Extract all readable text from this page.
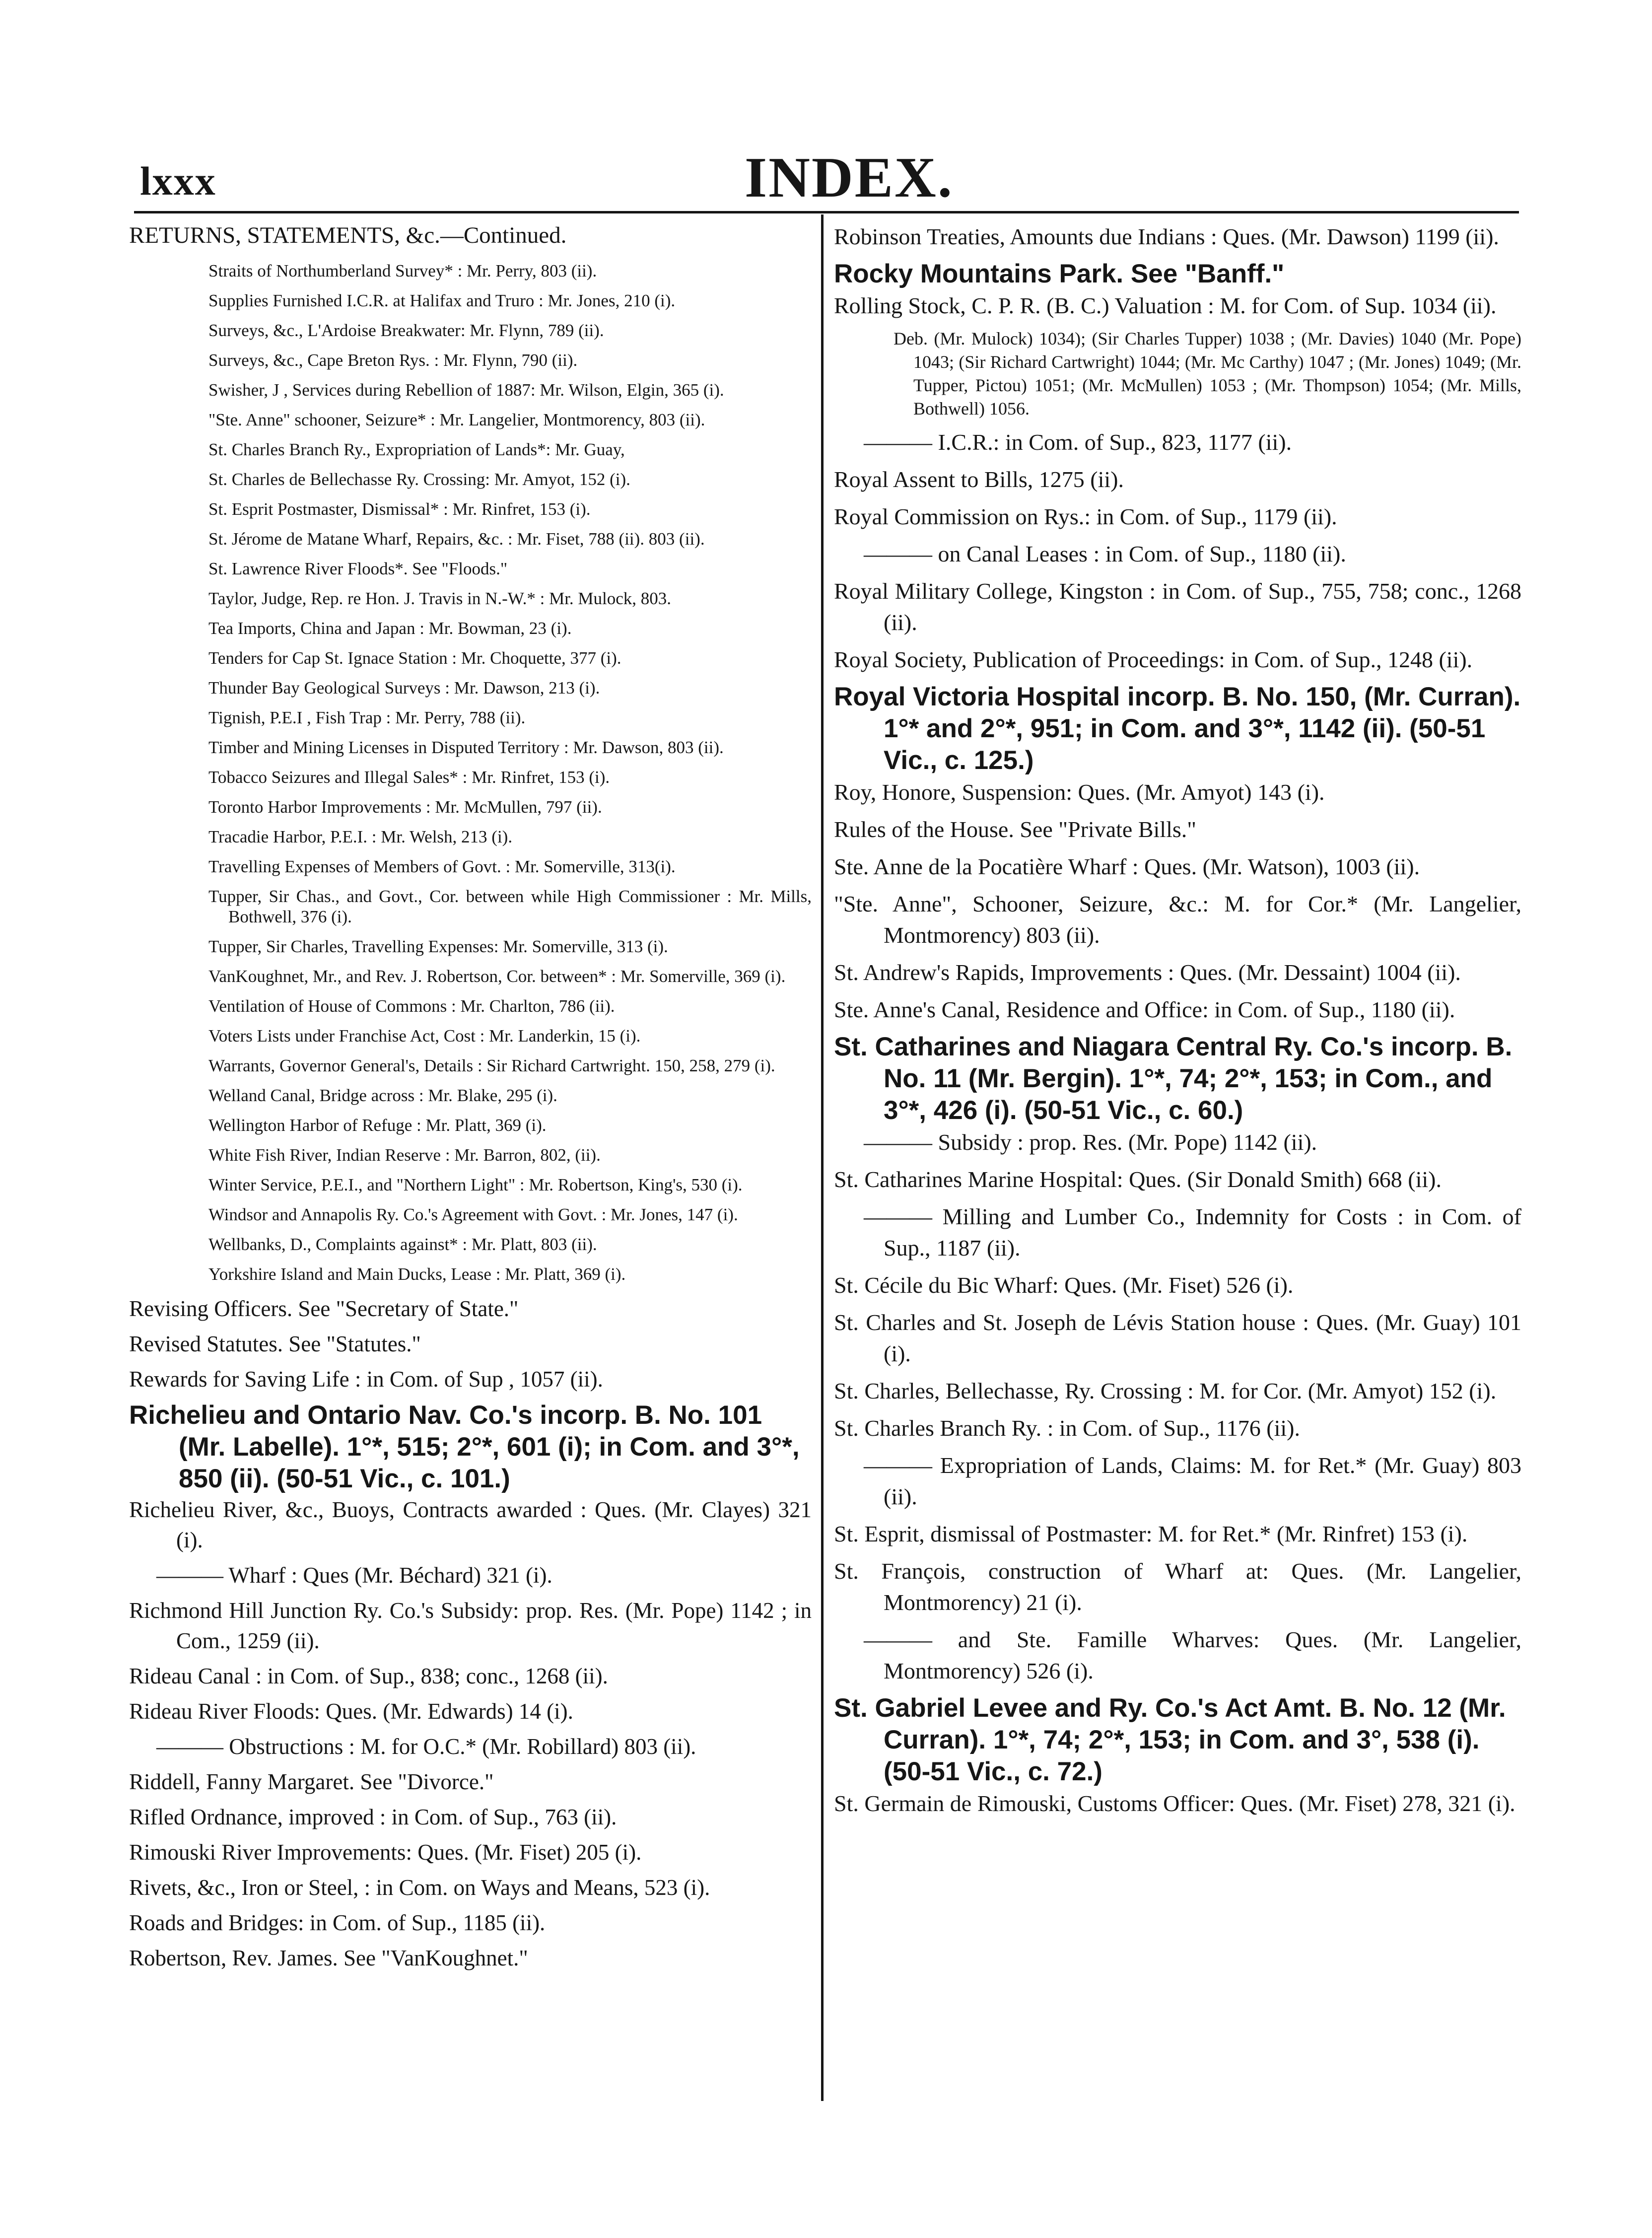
lxxx	INDEX.

RETURNS, STATEMENTS, &c.—Continued.

Straits of Northumberland Survey* : Mr. Perry, 803 (ii).

Supplies Furnished I.C.R. at Halifax and Truro : Mr. Jones, 210 (i).

Surveys, &c., L'Ardoise Breakwater: Mr. Flynn, 789 (ii).

Surveys, &c., Cape Breton Rys. : Mr. Flynn, 790 (ii).

Swisher, J , Services during Rebellion of 1887: Mr. Wilson, Elgin, 365 (i).

"Ste. Anne" schooner, Seizure* : Mr. Langelier, Montmorency, 803 (ii).

St. Charles Branch Ry., Expropriation of Lands*: Mr. Guay,

St. Charles de Bellechasse Ry. Crossing: Mr. Amyot, 152 (i).

St. Esprit Postmaster, Dismissal* : Mr. Rinfret, 153 (i).

St. Jérome de Matane Wharf, Repairs, &c. : Mr. Fiset, 788 (ii). 803 (ii).

St. Lawrence River Floods*. See "Floods."

Taylor, Judge, Rep. re Hon. J. Travis in N.-W.* : Mr. Mulock, 803.

Tea Imports, China and Japan : Mr. Bowman, 23 (i).

Tenders for Cap St. Ignace Station : Mr. Choquette, 377 (i).

Thunder Bay Geological Surveys : Mr. Dawson, 213 (i).

Tignish, P.E.I , Fish Trap : Mr. Perry, 788 (ii).

Timber and Mining Licenses in Disputed Territory : Mr. Dawson, 803 (ii).

Tobacco Seizures and Illegal Sales* : Mr. Rinfret, 153 (i).

Toronto Harbor Improvements : Mr. McMullen, 797 (ii).

Tracadie Harbor, P.E.I. : Mr. Welsh, 213 (i).

Travelling Expenses of Members of Govt. : Mr. Somerville, 313(i).

Tupper, Sir Chas., and Govt., Cor. between while High Commissioner : Mr. Mills, Bothwell, 376 (i).

Tupper, Sir Charles, Travelling Expenses: Mr. Somerville, 313 (i).

VanKoughnet, Mr., and Rev. J. Robertson, Cor. between* : Mr. Somerville, 369 (i).

Ventilation of House of Commons : Mr. Charlton, 786 (ii).

Voters Lists under Franchise Act, Cost : Mr. Landerkin, 15 (i).

Warrants, Governor General's, Details : Sir Richard Cartwright. 150, 258, 279 (i).

Welland Canal, Bridge across : Mr. Blake, 295 (i).

Wellington Harbor of Refuge : Mr. Platt, 369 (i).

White Fish River, Indian Reserve : Mr. Barron, 802, (ii).

Winter Service, P.E.I., and "Northern Light" : Mr. Robertson, King's, 530 (i).

Windsor and Annapolis Ry. Co.'s Agreement with Govt. : Mr. Jones, 147 (i).

Wellbanks, D., Complaints against* : Mr. Platt, 803 (ii).

Yorkshire Island and Main Ducks, Lease : Mr. Platt, 369 (i).

Revising Officers. See "Secretary of State."

Revised Statutes. See "Statutes."

Rewards for Saving Life : in Com. of Sup , 1057 (ii).

Richelieu and Ontario Nav. Co.'s incorp. B. No. 101 (Mr. Labelle). 1°*, 515; 2°*, 601 (i); in Com. and 3°*, 850 (ii). (50-51 Vic., c. 101.)

Richelieu River, &c., Buoys, Contracts awarded : Ques. (Mr. Clayes) 321 (i).

——— Wharf : Ques (Mr. Béchard) 321 (i).

Richmond Hill Junction Ry. Co.'s Subsidy: prop. Res. (Mr. Pope) 1142 ; in Com., 1259 (ii).

Rideau Canal : in Com. of Sup., 838; conc., 1268 (ii).

Rideau River Floods: Ques. (Mr. Edwards) 14 (i).

——— Obstructions : M. for O.C.* (Mr. Robillard) 803 (ii).

Riddell, Fanny Margaret. See "Divorce."

Rifled Ordnance, improved : in Com. of Sup., 763 (ii).

Rimouski River Improvements: Ques. (Mr. Fiset) 205 (i).

Rivets, &c., Iron or Steel, : in Com. on Ways and Means, 523 (i).

Roads and Bridges: in Com. of Sup., 1185 (ii).

Robertson, Rev. James. See "VanKoughnet."

Robinson Treaties, Amounts due Indians : Ques. (Mr. Dawson) 1199 (ii).

Rocky Mountains Park. See "Banff."

Rolling Stock, C. P. R. (B. C.) Valuation : M. for Com. of Sup. 1034 (ii).

Deb. (Mr. Mulock) 1034); (Sir Charles Tupper) 1038 ; (Mr. Davies) 1040 (Mr. Pope) 1043; (Sir Richard Cartwright) 1044; (Mr. Mc Carthy) 1047 ; (Mr. Jones) 1049; (Mr. Tupper, Pictou) 1051; (Mr. McMullen) 1053 ; (Mr. Thompson) 1054; (Mr. Mills, Bothwell) 1056.

——— I.C.R.: in Com. of Sup., 823, 1177 (ii).

Royal Assent to Bills, 1275 (ii).

Royal Commission on Rys.: in Com. of Sup., 1179 (ii).

——— on Canal Leases : in Com. of Sup., 1180 (ii).

Royal Military College, Kingston : in Com. of Sup., 755, 758; conc., 1268 (ii).

Royal Society, Publication of Proceedings: in Com. of Sup., 1248 (ii).

Royal Victoria Hospital incorp. B. No. 150, (Mr. Curran). 1°* and 2°*, 951; in Com. and 3°*, 1142 (ii). (50-51 Vic., c. 125.)

Roy, Honore, Suspension: Ques. (Mr. Amyot) 143 (i).

Rules of the House. See "Private Bills."

Ste. Anne de la Pocatière Wharf : Ques. (Mr. Watson), 1003 (ii).

"Ste. Anne", Schooner, Seizure, &c.: M. for Cor.* (Mr. Langelier, Montmorency) 803 (ii).

St. Andrew's Rapids, Improvements : Ques. (Mr. Dessaint) 1004 (ii).

Ste. Anne's Canal, Residence and Office: in Com. of Sup., 1180 (ii).

St. Catharines and Niagara Central Ry. Co.'s incorp. B. No. 11 (Mr. Bergin). 1°*, 74; 2°*, 153; in Com., and 3°*, 426 (i). (50-51 Vic., c. 60.)

——— Subsidy : prop. Res. (Mr. Pope) 1142 (ii).

St. Catharines Marine Hospital: Ques. (Sir Donald Smith) 668 (ii).

——— Milling and Lumber Co., Indemnity for Costs : in Com. of Sup., 1187 (ii).

St. Cécile du Bic Wharf: Ques. (Mr. Fiset) 526 (i).

St. Charles and St. Joseph de Lévis Station house : Ques. (Mr. Guay) 101 (i).

St. Charles, Bellechasse, Ry. Crossing : M. for Cor. (Mr. Amyot) 152 (i).

St. Charles Branch Ry. : in Com. of Sup., 1176 (ii).

——— Expropriation of Lands, Claims: M. for Ret.* (Mr. Guay) 803 (ii).

St. Esprit, dismissal of Postmaster: M. for Ret.* (Mr. Rinfret) 153 (i).

St. François, construction of Wharf at: Ques. (Mr. Langelier, Montmorency) 21 (i).

——— and Ste. Famille Wharves: Ques. (Mr. Langelier, Montmorency) 526 (i).

St. Gabriel Levee and Ry. Co.'s Act Amt. B. No. 12 (Mr. Curran). 1°*, 74; 2°*, 153; in Com. and 3°, 538 (i). (50-51 Vic., c. 72.)

St. Germain de Rimouski, Customs Officer: Ques. (Mr. Fiset) 278, 321 (i).
